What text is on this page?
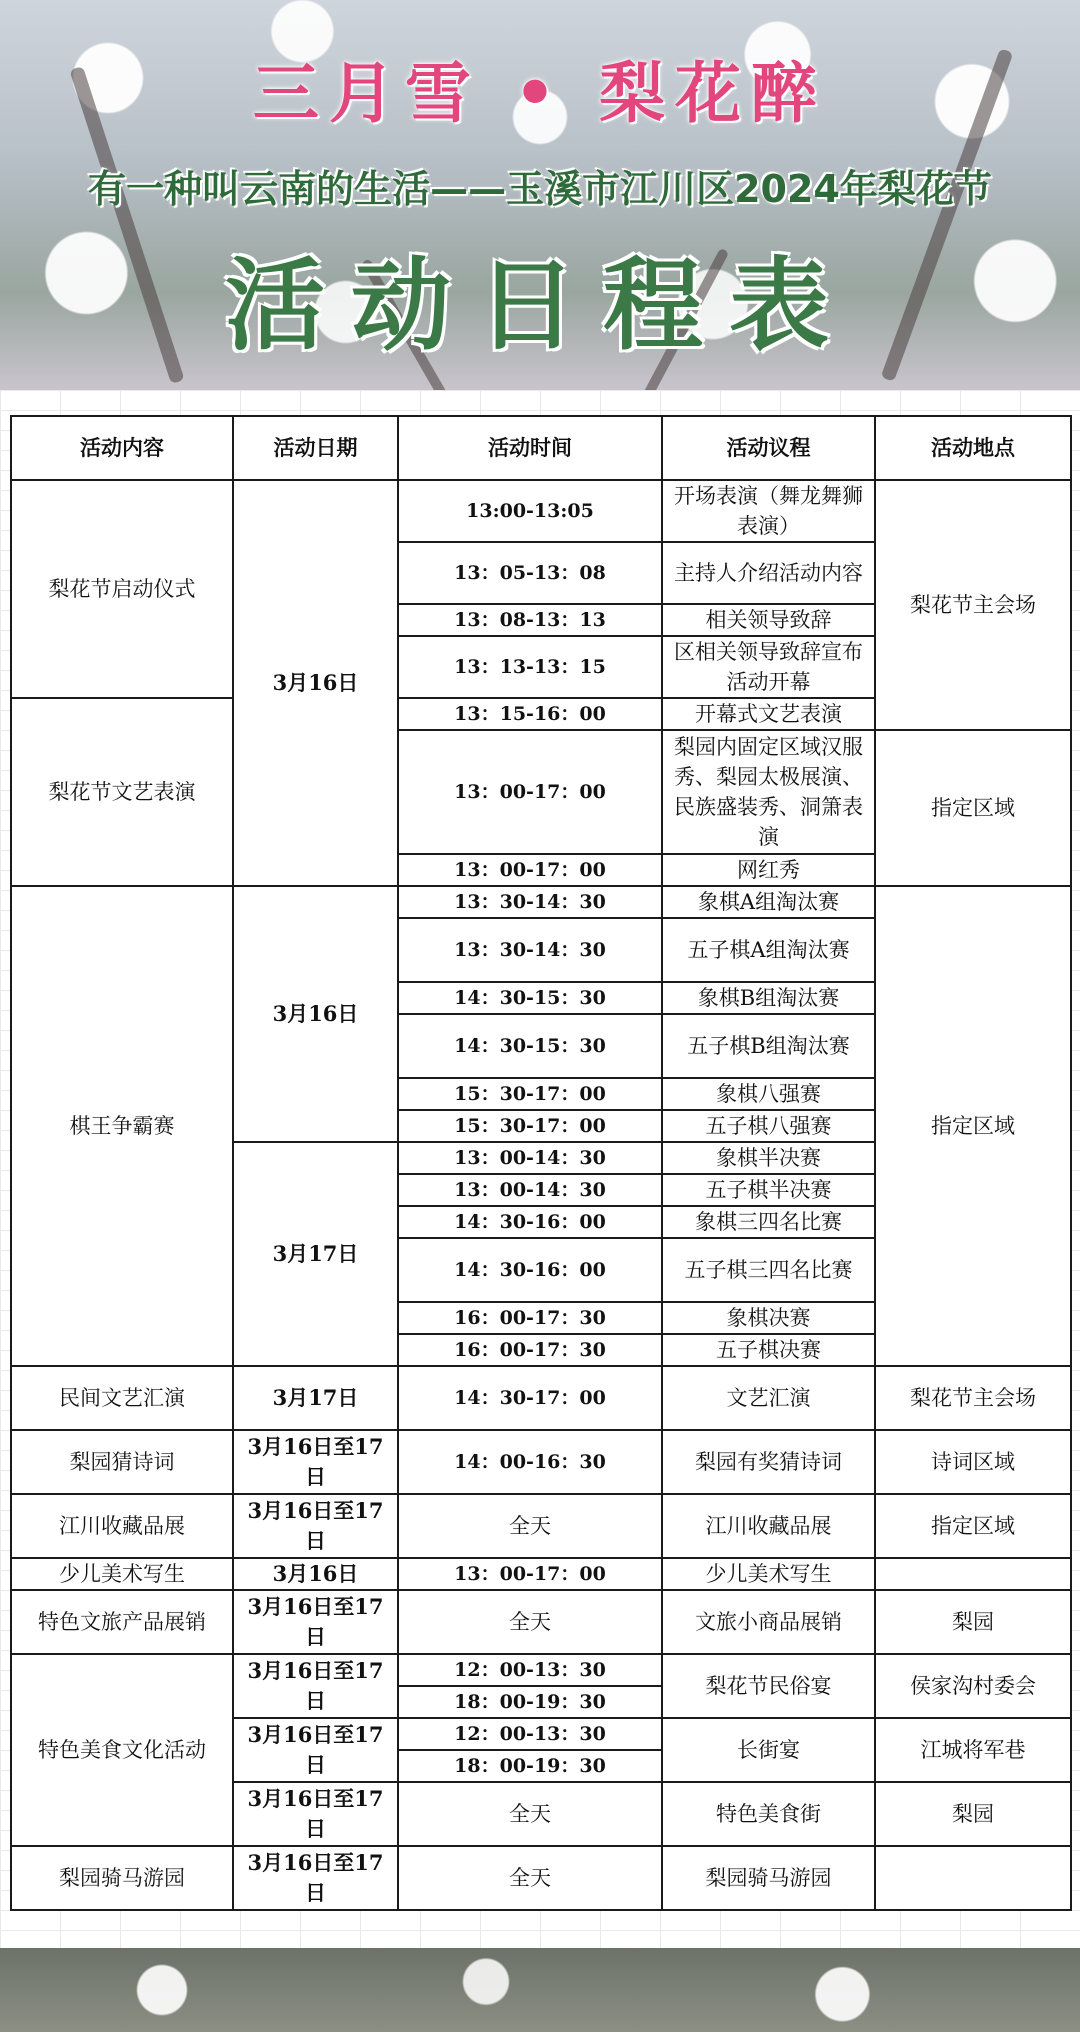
三月雪 • 梨花醉
有一种叫云南的生活——玉溪市江川区2024年梨花节
活动日程表
活动内容	活动日期	活动时间	活动议程	活动地点
梨花节启动仪式	3月16日	13:00-13:05	开场表演（舞龙舞狮表演）	梨花节主会场
		13：05-13：08	主持人介绍活动内容	
		13：08-13：13	相关领导致辞	
		13：13-13：15	区相关领导致辞宣布活动开幕	
梨花节文艺表演		13：15-16：00	开幕式文艺表演	
		13：00-17：00	梨园内固定区域汉服秀、梨园太极展演、民族盛装秀、洞箫表演	指定区域
		13：00-17：00	网红秀	
棋王争霸赛	3月16日	13：30-14：30	象棋A组淘汰赛	指定区域
		13：30-14：30	五子棋A组淘汰赛	
		14：30-15：30	象棋B组淘汰赛	
		14：30-15：30	五子棋B组淘汰赛	
		15：30-17：00	象棋八强赛	
		15：30-17：00	五子棋八强赛	
	3月17日	13：00-14：30	象棋半决赛	
		13：00-14：30	五子棋半决赛	
		14：30-16：00	象棋三四名比赛	
		14：30-16：00	五子棋三四名比赛	
		16：00-17：30	象棋决赛	
		16：00-17：30	五子棋决赛	
民间文艺汇演	3月17日	14：30-17：00	文艺汇演	梨花节主会场
梨园猜诗词	3月16日至17日	14：00-16：30	梨园有奖猜诗词	诗词区域
江川收藏品展	3月16日至17日	全天	江川收藏品展	指定区域
少儿美术写生	3月16日	13：00-17：00	少儿美术写生	
特色文旅产品展销	3月16日至17日	全天	文旅小商品展销	梨园
特色美食文化活动	3月16日至17日	12：00-13：30	梨花节民俗宴	侯家沟村委会
		18：00-19：30		
	3月16日至17日	12：00-13：30	长街宴	江城将军巷
		18：00-19：30		
	3月16日至17日	全天	特色美食街	梨园
梨园骑马游园	3月16日至17日	全天	梨园骑马游园	
